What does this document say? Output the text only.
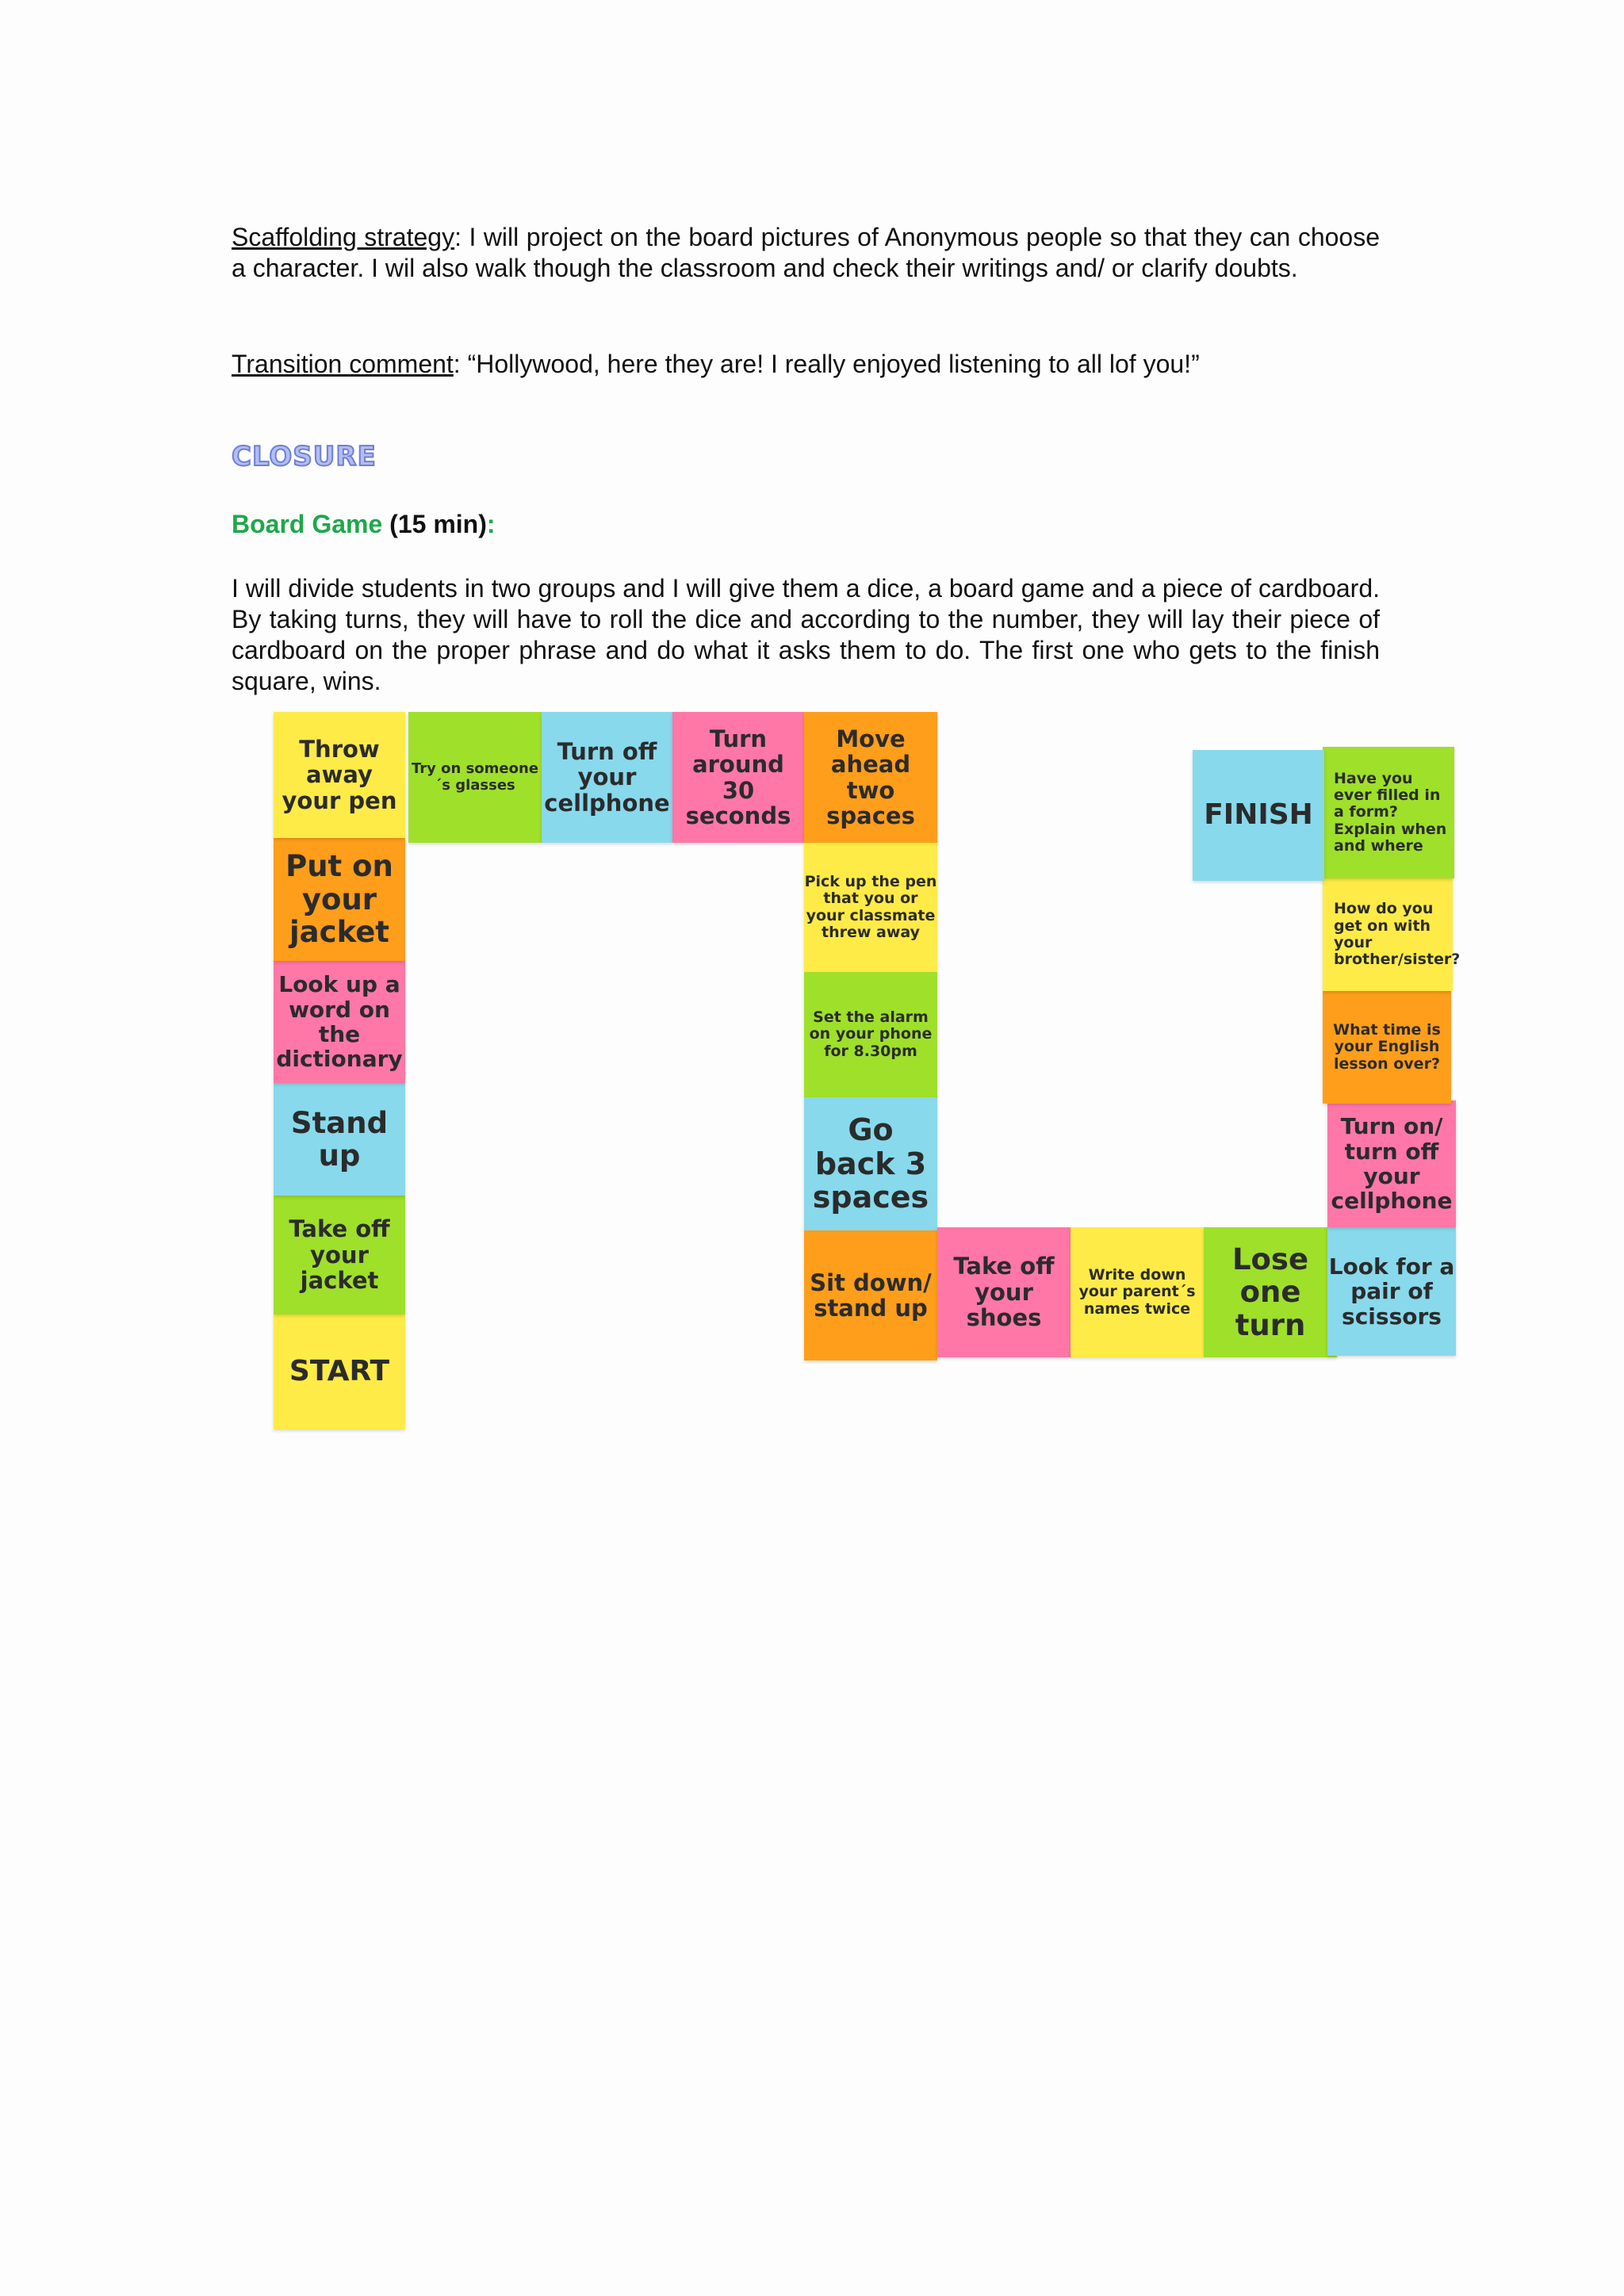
Scaffolding strategy: I will project on the board pictures of Anonymous people so that they can choose a character. I wil also walk though the classroom and check their writings and/ or clarify doubts.

Transition comment: “Hollywood, here they are! I really enjoyed listening to all lof you!”

CLOSURE
Board Game (15 min):

I will divide students in two groups and I will give them a dice, a board game and a piece of cardboard. By taking turns, they will have to roll the dice and according to the number, they will lay their piece of cardboard on the proper phrase and do what it asks them to do. The first one who gets to the finish square, wins.

START
Take off your jacket
Stand up
Look up a word on the dictionary
Put on your jacket
Throw away your pen
Try on someone´s glasses
Turn off your cellphone
Turn around 30 seconds
Move ahead two spaces
Pick up the pen that you or your classmate threw away
Set the alarm on your phone for 8.30pm
Go back 3 spaces
Sit down/ stand up
Take off your shoes
Write down your parent´s names twice
Lose one turn
Look for a pair of scissors
Turn on/ turn off your cellphone
What time is your English lesson over?
How do you get on with your brother/sister?
Have you ever filled in a form? Explain when and where
FINISH
